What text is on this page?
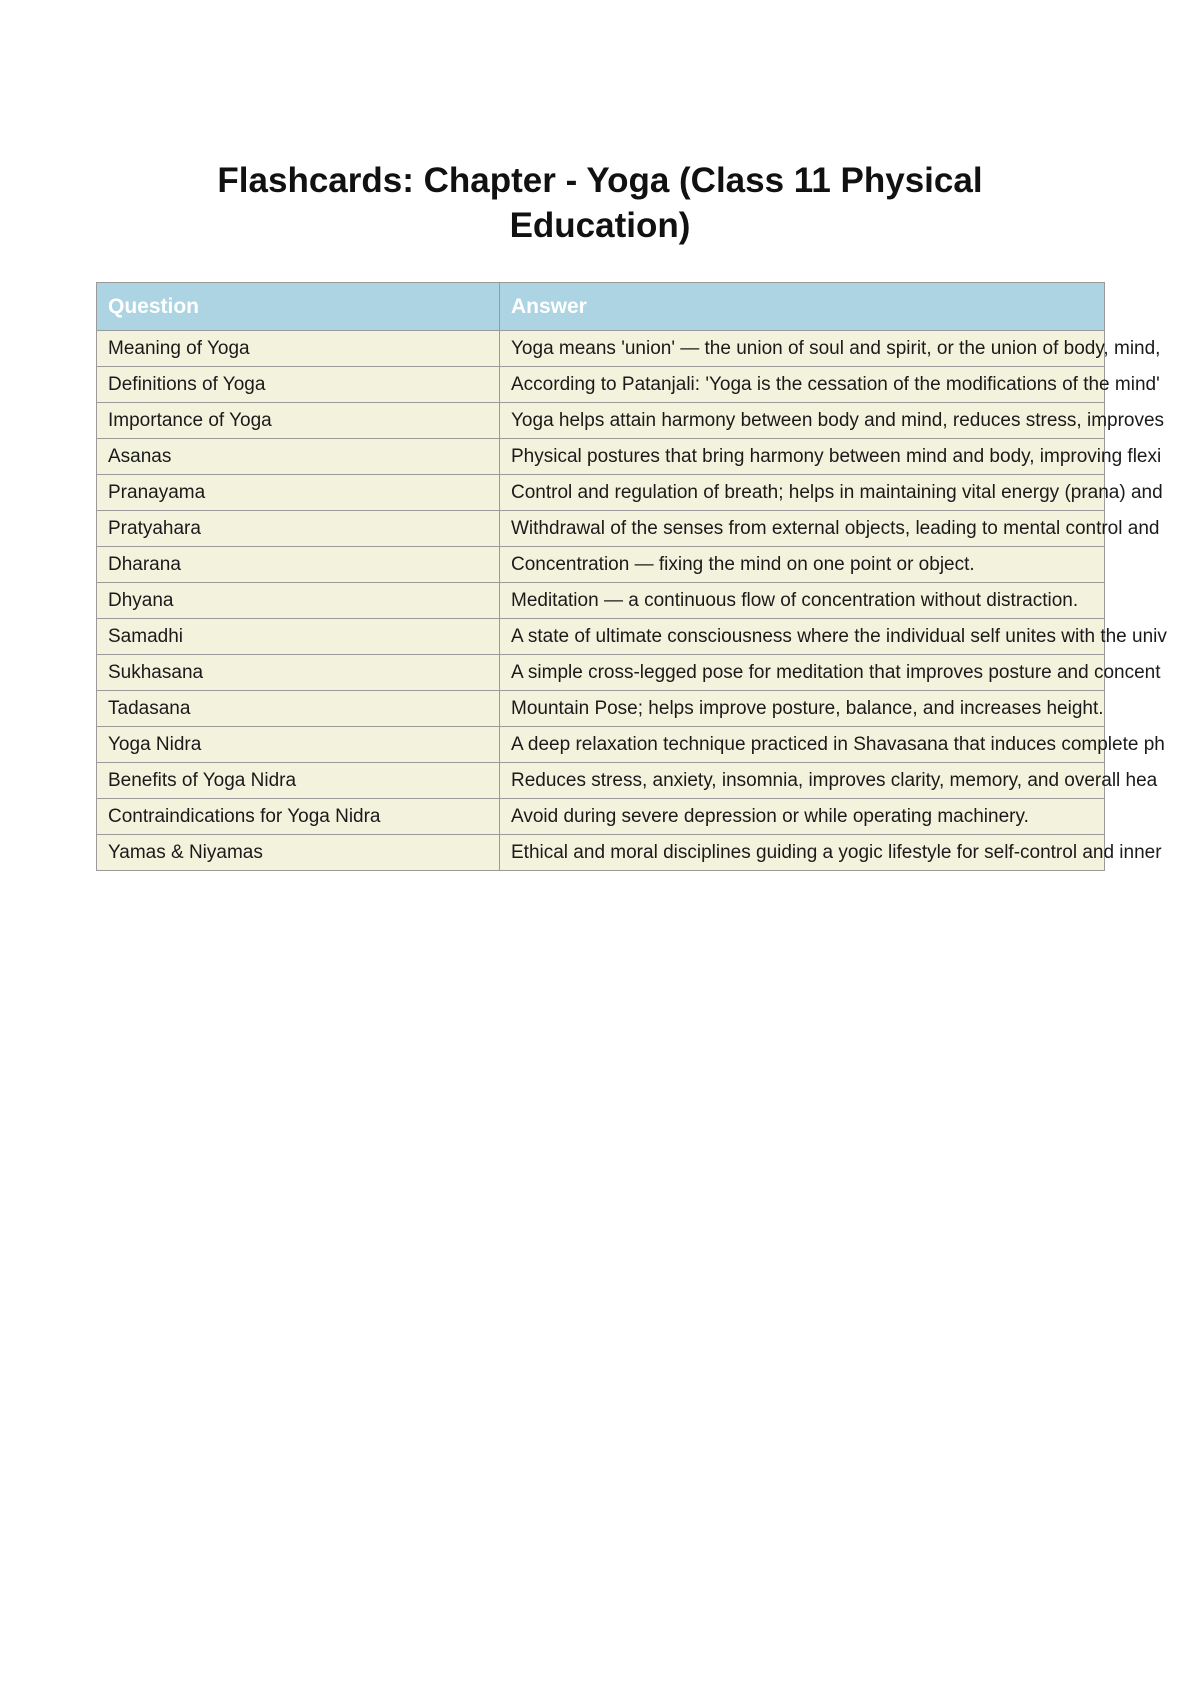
Flashcards: Chapter - Yoga (Class 11 Physical Education)
Question	Answer
Meaning of Yoga	Yoga means 'union' — the union of soul and spirit, or the union of body, mind,
Definitions of Yoga	According to Patanjali: 'Yoga is the cessation of the modifications of the mind'
Importance of Yoga	Yoga helps attain harmony between body and mind, reduces stress, improves
Asanas	Physical postures that bring harmony between mind and body, improving flexi
Pranayama	Control and regulation of breath; helps in maintaining vital energy (prana) and
Pratyahara	Withdrawal of the senses from external objects, leading to mental control and
Dharana	Concentration — fixing the mind on one point or object.
Dhyana	Meditation — a continuous flow of concentration without distraction.
Samadhi	A state of ultimate consciousness where the individual self unites with the univ
Sukhasana	A simple cross-legged pose for meditation that improves posture and concent
Tadasana	Mountain Pose; helps improve posture, balance, and increases height.
Yoga Nidra	A deep relaxation technique practiced in Shavasana that induces complete ph
Benefits of Yoga Nidra	Reduces stress, anxiety, insomnia, improves clarity, memory, and overall hea
Contraindications for Yoga Nidra	Avoid during severe depression or while operating machinery.
Yamas & Niyamas	Ethical and moral disciplines guiding a yogic lifestyle for self-control and inner
